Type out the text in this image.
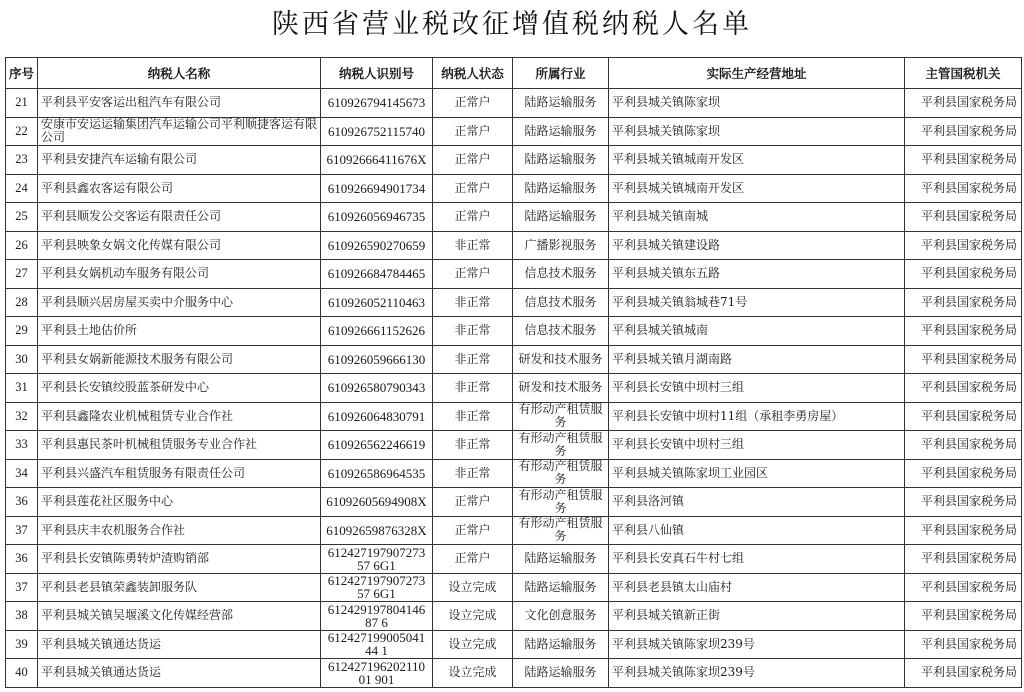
陕西省营业税改征增值税纳税人名单
序号	纳税人名称	纳税人识别号	纳税人状态	所属行业	实际生产经营地址	主管国税机关
21	平利县平安客运出租汽车有限公司	610926794145673	正常户	陆路运输服务	平利县城关镇陈家坝	平利县国家税务局
22	安康市安运运输集团汽车运输公司平利顺捷客运有限公司	610926752115740	正常户	陆路运输服务	平利县城关镇陈家坝	平利县国家税务局
23	平利县安捷汽车运输有限公司	61092666411676X	正常户	陆路运输服务	平利县城关镇城南开发区	平利县国家税务局
24	平利县鑫农客运有限公司	610926694901734	正常户	陆路运输服务	平利县城关镇城南开发区	平利县国家税务局
25	平利县顺发公交客运有限责任公司	610926056946735	正常户	陆路运输服务	平利县城关镇南城	平利县国家税务局
26	平利县映象女娲文化传媒有限公司	610926590270659	非正常	广播影视服务	平利县城关镇建设路	平利县国家税务局
27	平利县女娲机动车服务有限公司	610926684784465	正常户	信息技术服务	平利县城关镇东五路	平利县国家税务局
28	平利县顺兴居房屋买卖中介服务中心	610926052110463	非正常	信息技术服务	平利县城关镇翁城巷71号	平利县国家税务局
29	平利县土地估价所	610926661152626	非正常	信息技术服务	平利县城关镇城南	平利县国家税务局
30	平利县女娲新能源技术服务有限公司	610926059666130	非正常	研发和技术服务	平利县城关镇月湖南路	平利县国家税务局
31	平利县长安镇绞股蓝茶研发中心	610926580790343	非正常	研发和技术服务	平利县长安镇中坝村三组	平利县国家税务局
32	平利县鑫隆农业机械租赁专业合作社	610926064830791	非正常	有形动产租赁服务	平利县长安镇中坝村11组（承租李勇房屋）	平利县国家税务局
33	平利县惠民茶叶机械租赁服务专业合作社	610926562246619	非正常	有形动产租赁服务	平利县长安镇中坝村三组	平利县国家税务局
34	平利县兴盛汽车租赁服务有限责任公司	610926586964535	非正常	有形动产租赁服务	平利县城关镇陈家坝工业园区	平利县国家税务局
36	平利县莲花社区服务中心	61092605694908X	正常户	有形动产租赁服务	平利县洛河镇	平利县国家税务局
37	平利县庆丰农机服务合作社	61092659876328X	正常户	有形动产租赁服务	平利县八仙镇	平利县国家税务局
36	平利县长安镇陈勇转炉渣购销部	61242719790727357 6G1	正常户	陆路运输服务	平利县长安真石牛村七组	平利县国家税务局
37	平利县老县镇荣鑫装卸服务队	61242719790727357 6G1	设立完成	陆路运输服务	平利县老县镇太山庙村	平利县国家税务局
38	平利县城关镇吴堰溪文化传媒经营部	61242919780414687 6	设立完成	文化创意服务	平利县城关镇新正街	平利县国家税务局
39	平利县城关镇通达货运	61242719900504144 1	设立完成	陆路运输服务	平利县城关镇陈家坝239号	平利县国家税务局
40	平利县城关镇通达货运	61242719620211001 901	设立完成	陆路运输服务	平利县城关镇陈家坝239号	平利县国家税务局
